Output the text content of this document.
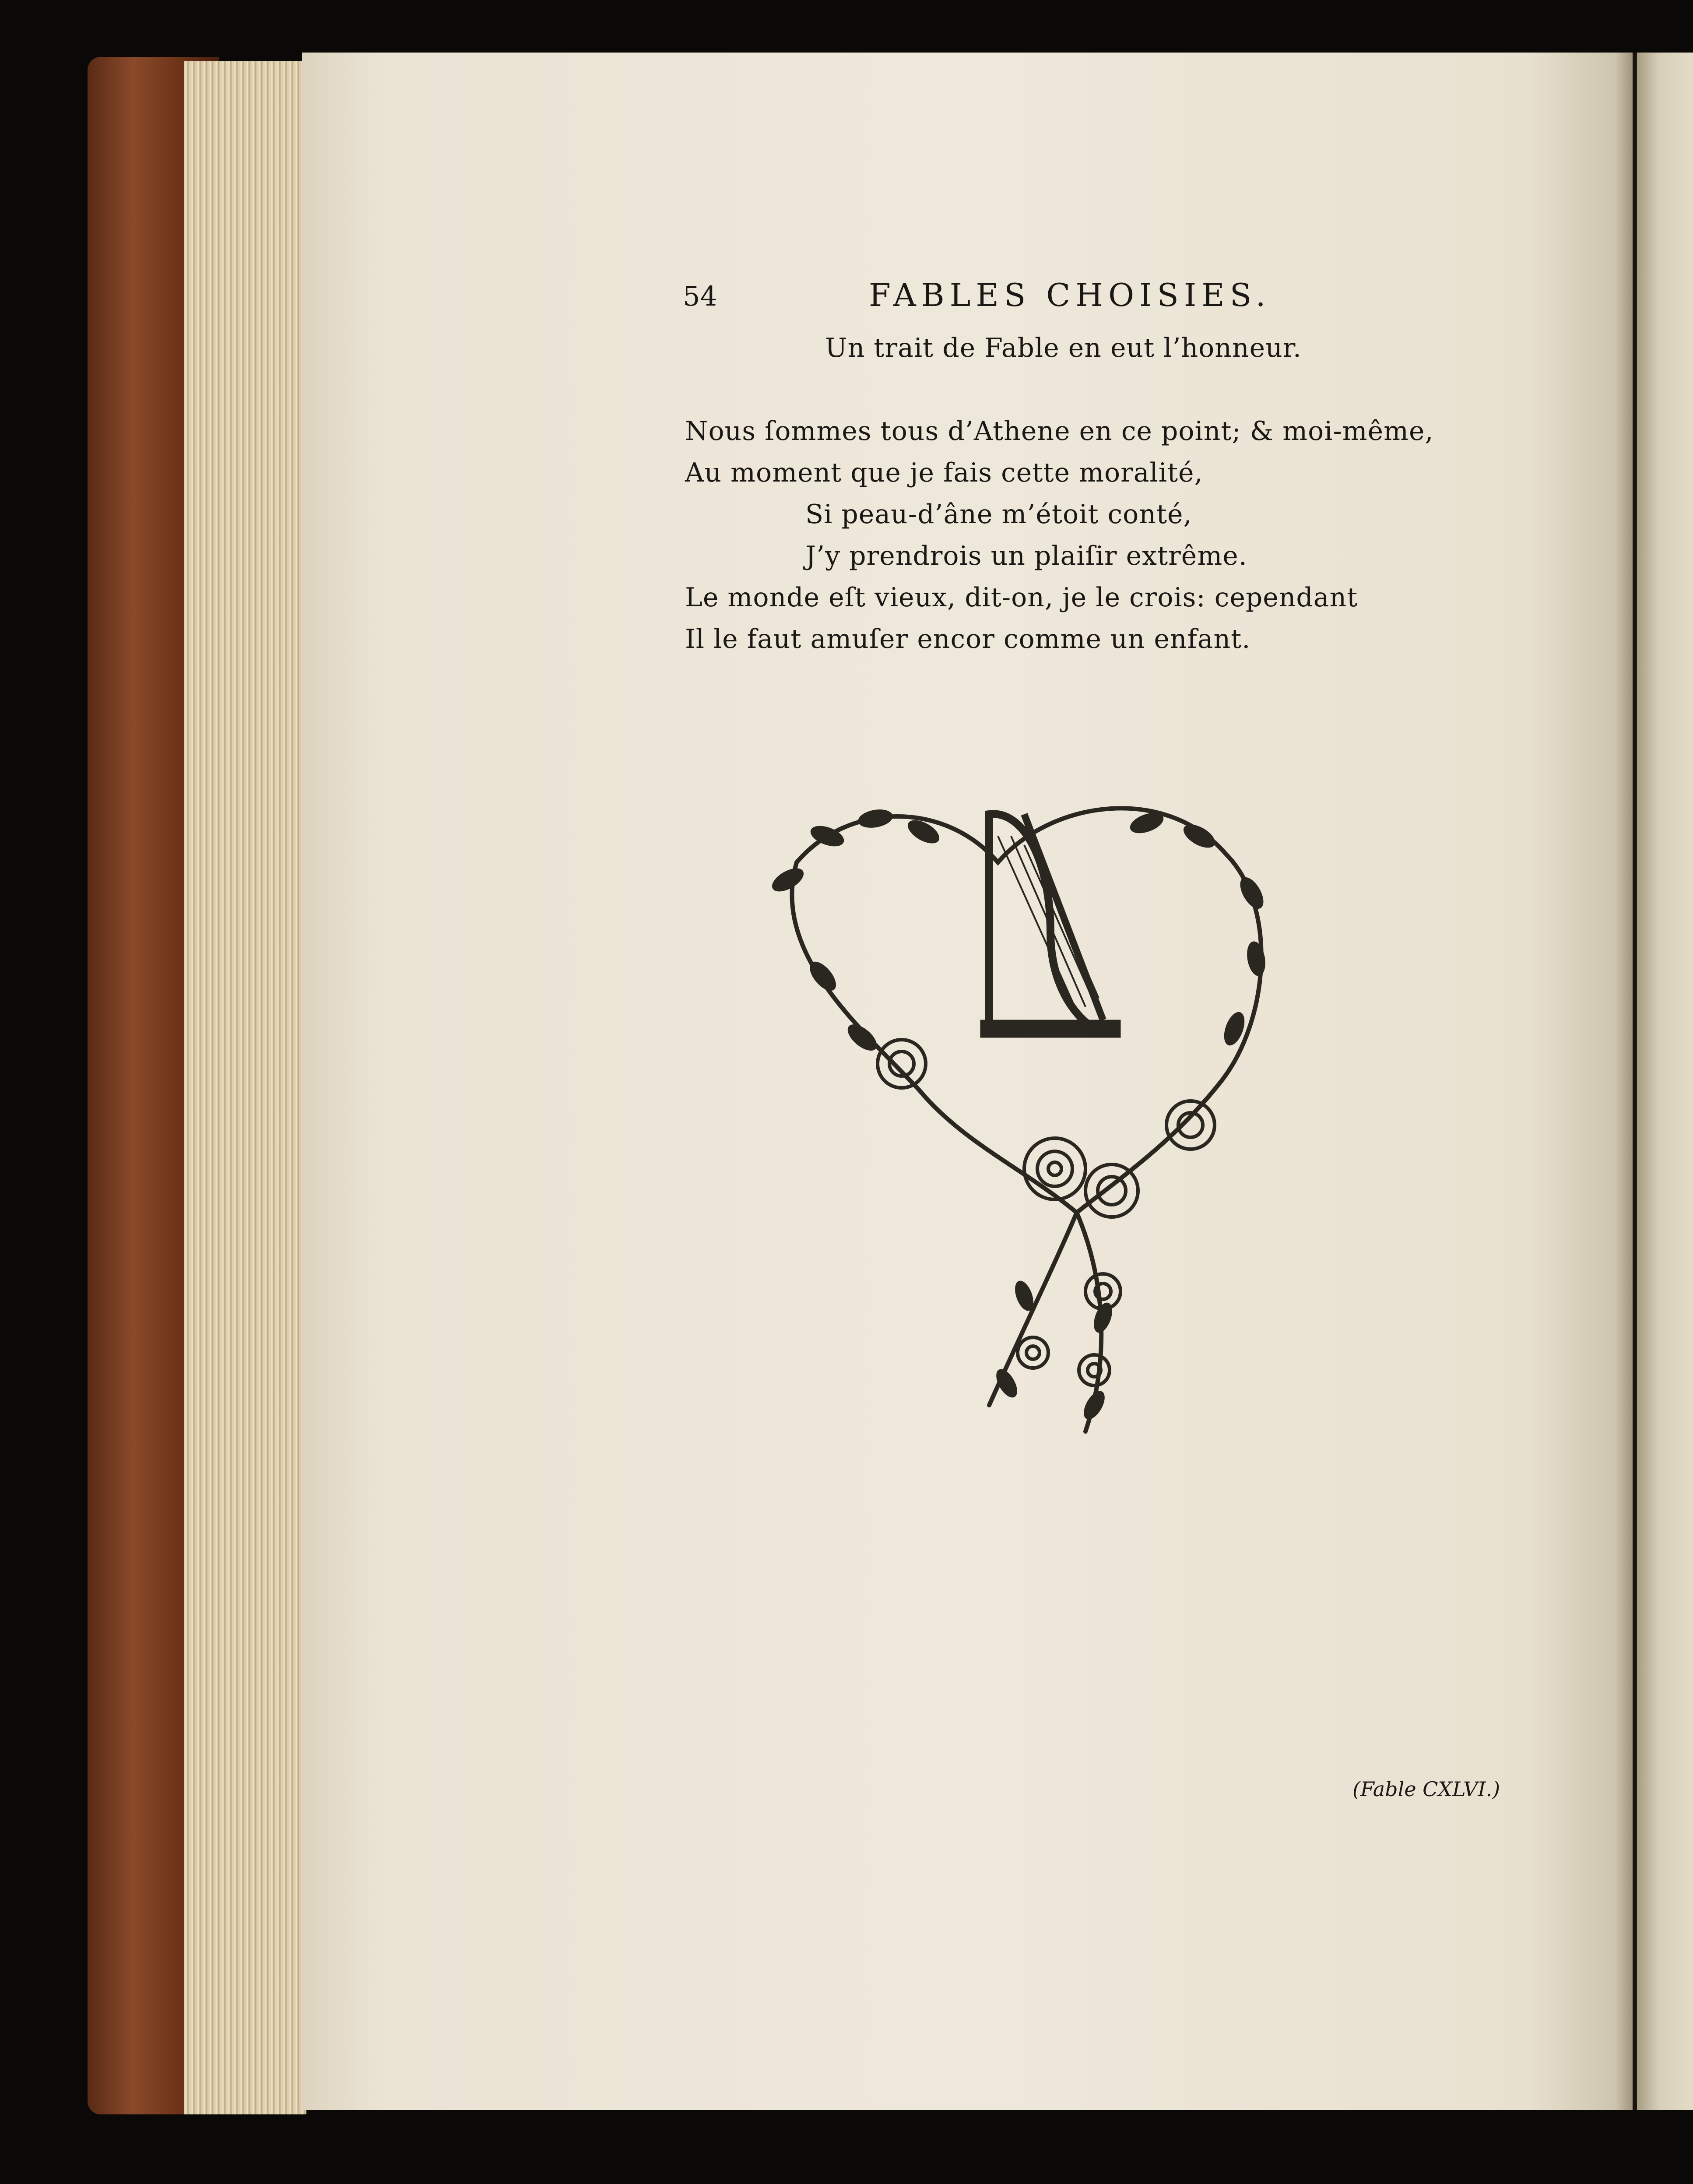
54	FABLES CHOISIES.
Un trait de Fable en eut l’honneur.
Nous ſommes tous d’Athene en ce point; & moi-même,
Au moment que je fais cette moralité,
Si peau-d’âne m’étoit conté,
J’y prendrois un plaiſir extrême.
Le monde eſt vieux, dit-on, je le crois: cependant
Il le faut amuſer encor comme un enfant.
(Fable CXLVI.)
